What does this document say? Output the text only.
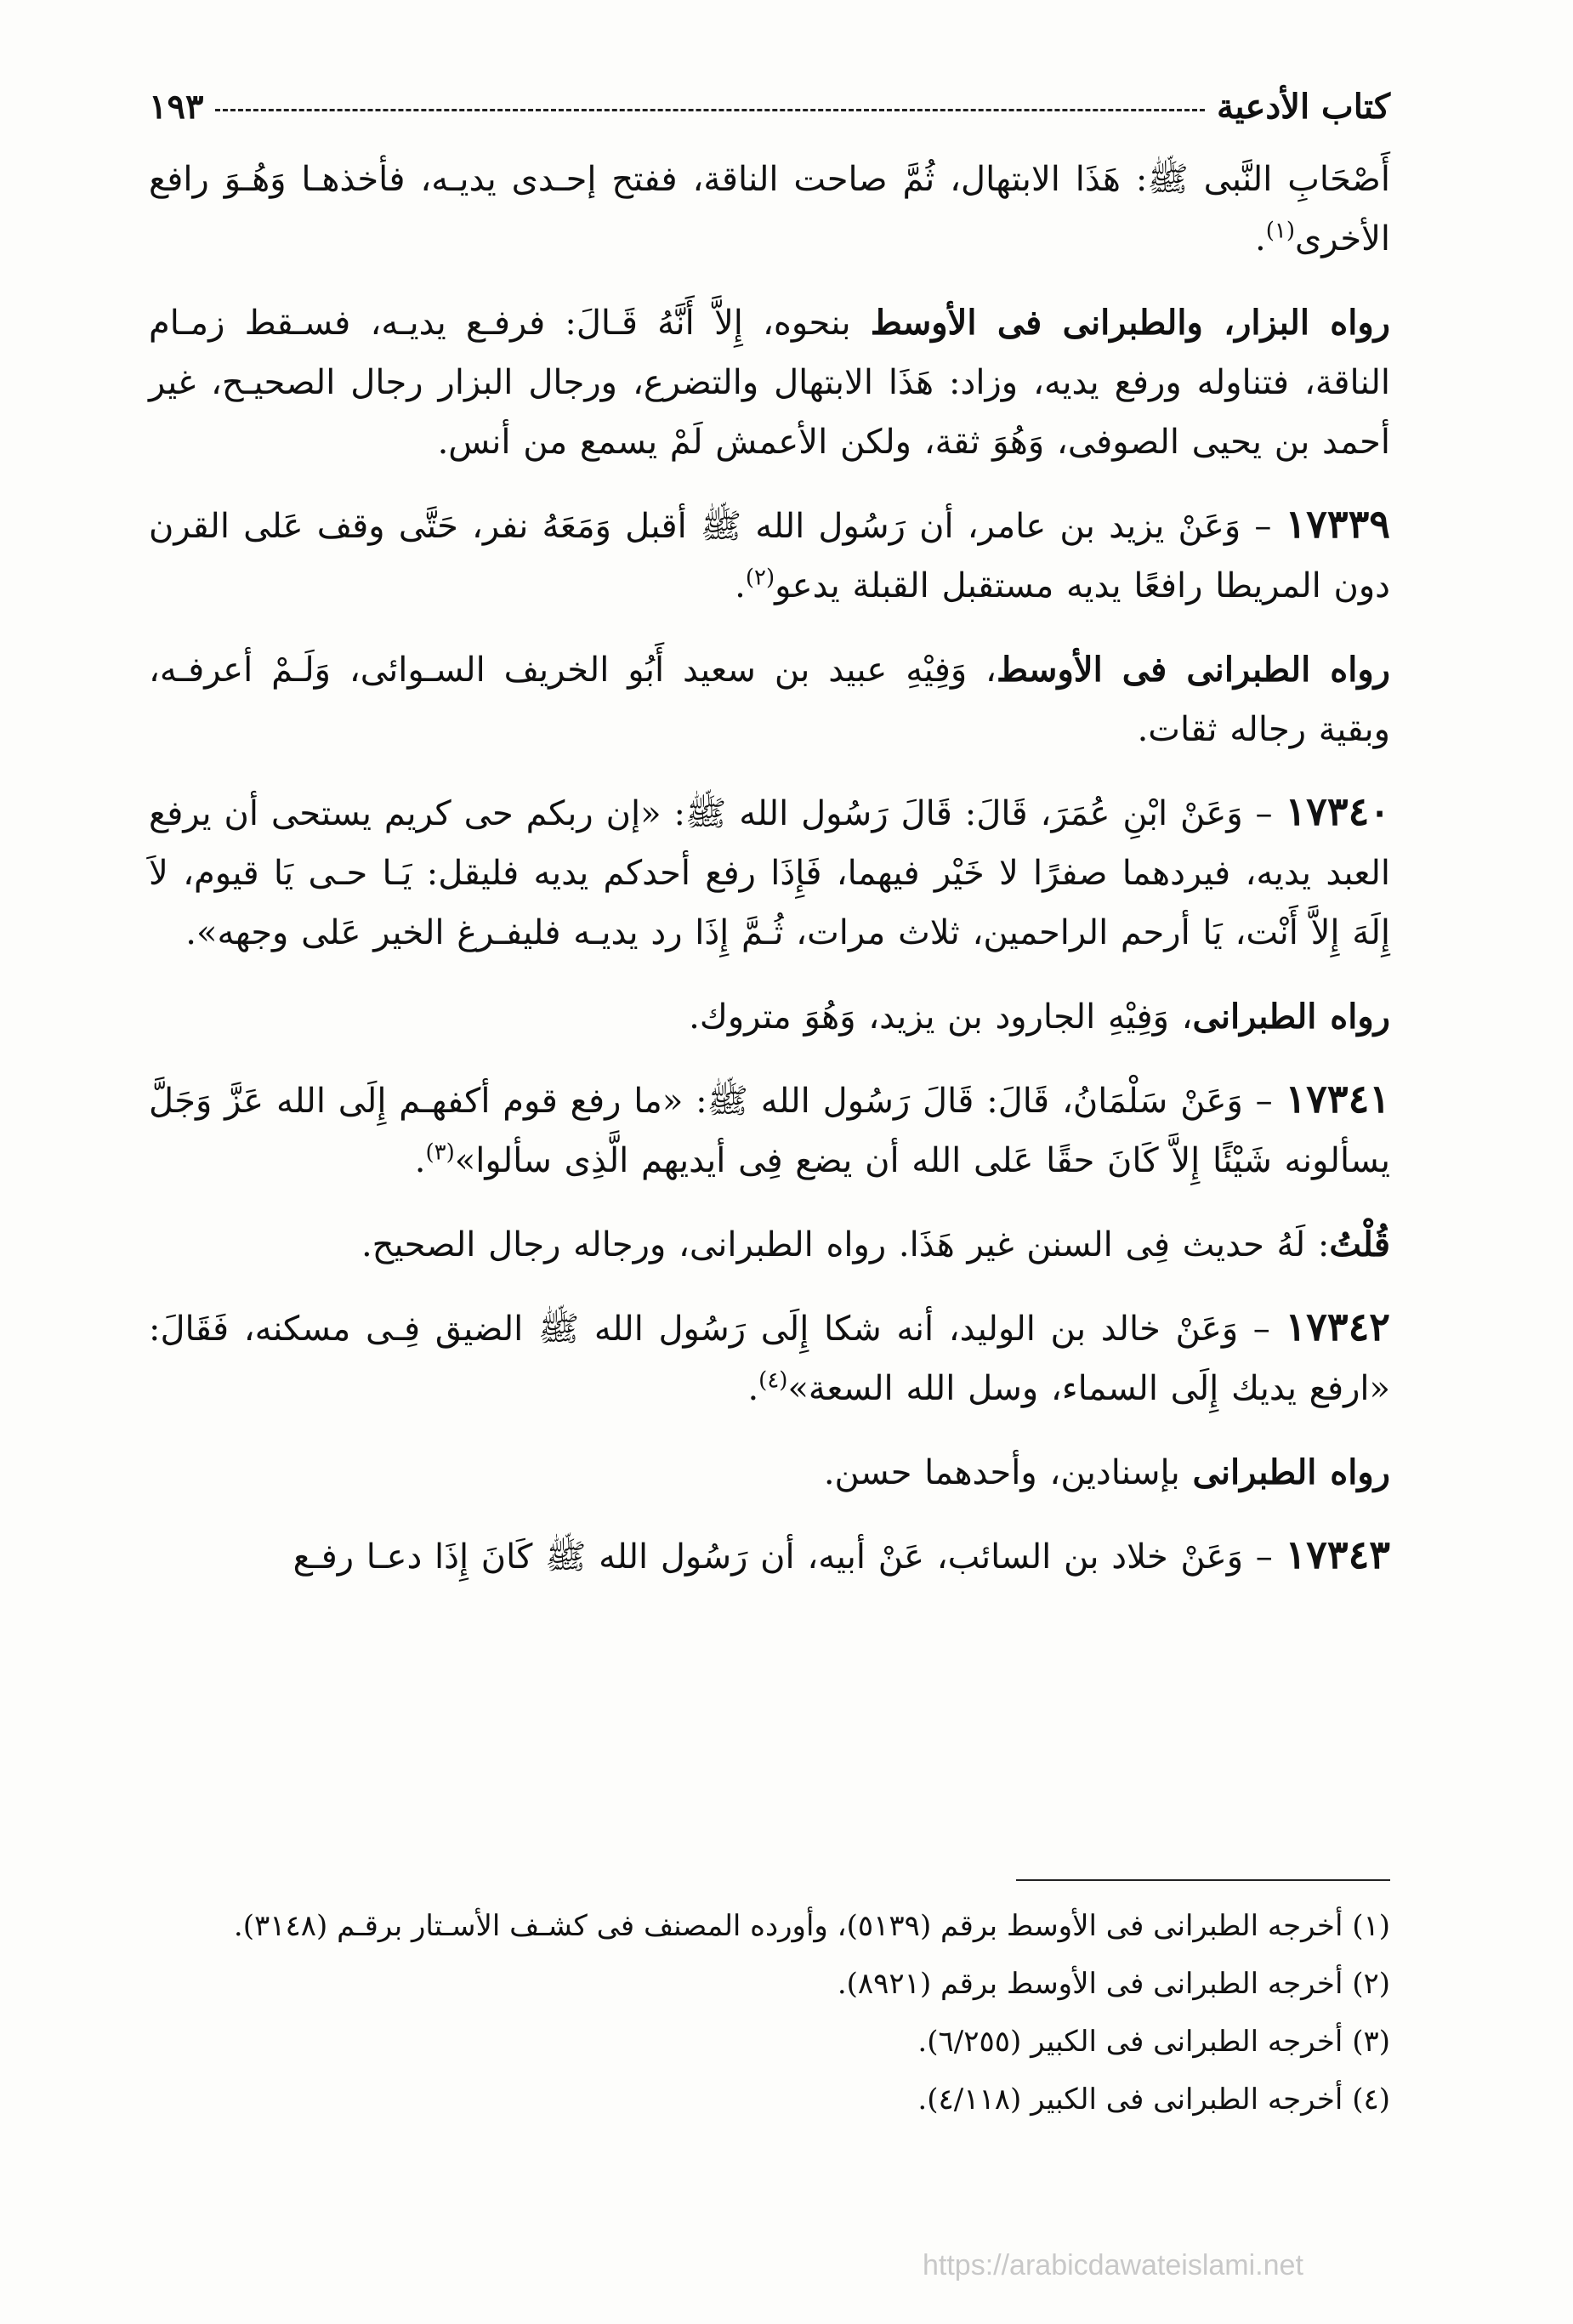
كتاب الأدعية
١٩٣

أَصْحَابِ النَّبى ﷺ: هَذَا الابتهال، ثُمَّ صاحت الناقة، ففتح إحـدى يديـه، فأخذهـا وَهُـوَ رافع الأخرى$^{(١)}$.

رواه البزار، والطبرانى فى الأوسط بنحوه، إِلاَّ أَنَّهُ قَـالَ: فرفـع يديـه، فسـقط زمـام الناقة، فتناوله ورفع يديه، وزاد: هَذَا الابتهال والتضرع، ورجال البزار رجال الصحيـح، غير أحمد بن يحيى الصوفى، وَهُوَ ثقة، ولكن الأعمش لَمْ يسمع من أنس.

١٧٣٣٩ – وَعَنْ يزيد بن عامر، أن رَسُول الله ﷺ أقبل وَمَعَهُ نفر، حَتَّى وقف عَلى القرن دون المريطا رافعًا يديه مستقبل القبلة يدعو$^{(٢)}$.

رواه الطبرانى فى الأوسط، وَفِيْهِ عبيد بن سعيد أَبُو الخريف السـوائى، وَلَـمْ أعرفـه، وبقية رجاله ثقات.

١٧٣٤٠ – وَعَنْ ابْنِ عُمَرَ، قَالَ: قَالَ رَسُول الله ﷺ: «إن ربكم حى كريم يستحى أن يرفع العبد يديه، فيردهما صفرًا لا خَيْر فيهما، فَإِذَا رفع أحدكم يديه فليقل: يَـا حـى يَا قيوم، لاَ إِلَهَ إِلاَّ أَنْت، يَا أرحم الراحمين، ثلاث مرات، ثُـمَّ إِذَا رد يديـه فليفـرغ الخير عَلى وجهه».

رواه الطبرانى، وَفِيْهِ الجارود بن يزيد، وَهُوَ متروك.

١٧٣٤١ – وَعَنْ سَلْمَانُ، قَالَ: قَالَ رَسُول الله ﷺ: «ما رفع قوم أكفهـم إِلَى الله عَزَّ وَجَلَّ يسألونه شَيْئًا إِلاَّ كَانَ حقًا عَلى الله أن يضع فِى أيديهم الَّذِى سألوا»$^{(٣)}$.

قُلْتُ: لَهُ حديث فِى السنن غير هَذَا. رواه الطبرانى، ورجاله رجال الصحيح.

١٧٣٤٢ – وَعَنْ خالد بن الوليد، أنه شكا إِلَى رَسُول الله ﷺ الضيق فِـى مسكنه، فَقَالَ: «ارفع يديك إِلَى السماء، وسل الله السعة»$^{(٤)}$.

رواه الطبرانى بإسنادين، وأحدهما حسن.

١٧٣٤٣ – وَعَنْ خلاد بن السائب، عَنْ أبيه، أن رَسُول الله ﷺ كَانَ إِذَا دعـا رفـع

(١) أخرجه الطبرانى فى الأوسط برقم (٥١٣٩)، وأورده المصنف فى كشـف الأسـتار برقـم (٣١٤٨).

(٢) أخرجه الطبرانى فى الأوسط برقم (٨٩٢١).

(٣) أخرجه الطبرانى فى الكبير (٦/٢٥٥).

(٤) أخرجه الطبرانى فى الكبير (٤/١١٨).

https://arabicdawateislami.net
